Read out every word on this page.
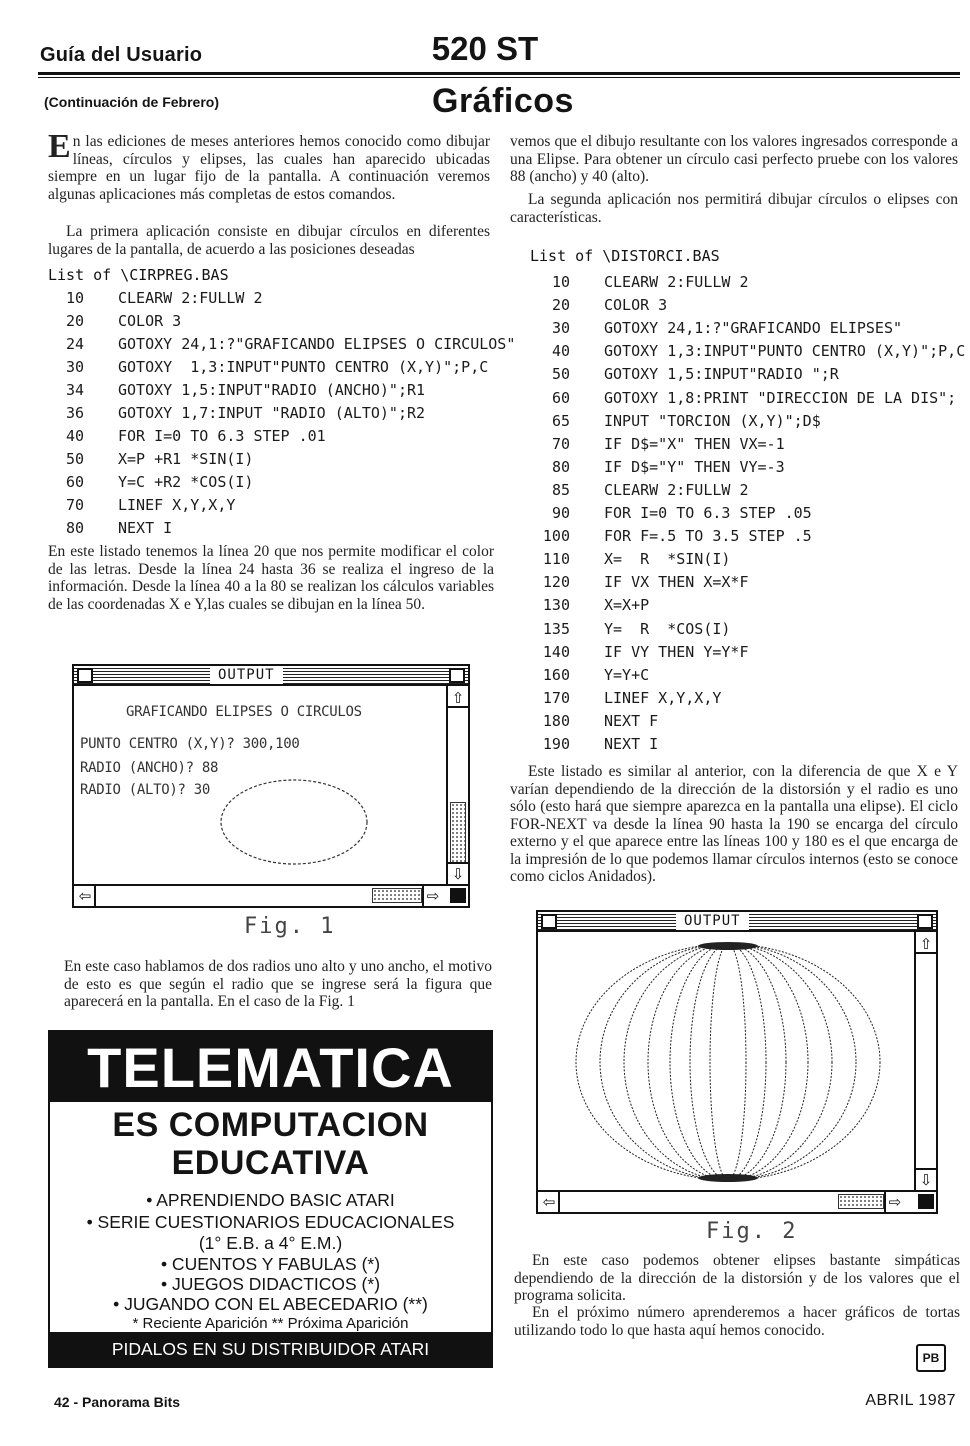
Guía del Usuario	520 ST
(Continuación de Febrero)	Gráficos
En las ediciones de meses anteriores hemos conocido como dibujar líneas, círculos y elipses, las cuales han aparecido ubicadas siempre en un lugar fijo de la pantalla. A continuación veremos algunas aplicaciones más completas de estos comandos.
La primera aplicación consiste en dibujar círculos en diferentes lugares de la pantalla, de acuerdo a las posiciones deseadas
List of \CIRPREG.BAS
10 CLEARW 2:FULLW 2
20 COLOR 3
24 GOTOXY 24,1:?"GRAFICANDO ELIPSES O CIRCULOS"
30 GOTOXY  1,3:INPUT"PUNTO CENTRO (X,Y)";P,C
34 GOTOXY 1,5:INPUT"RADIO (ANCHO)";R1
36 GOTOXY 1,7:INPUT "RADIO (ALTO)";R2
40 FOR I=0 TO 6.3 STEP .01
50 X=P +R1 *SIN(I)
60 Y=C +R2 *COS(I)
70 LINEF X,Y,X,Y
80 NEXT I
En este listado tenemos la línea 20 que nos permite modificar el color de las letras. Desde la línea 24 hasta 36 se realiza el ingreso de la información. Desde la línea 40 a la 80 se realizan los cálculos variables de las coordenadas X e Y,las cuales se dibujan en la línea 50.
OUTPUT
GRAFICANDO ELIPSES O CIRCULOS
PUNTO CENTRO (X,Y)? 300,100
RADIO (ANCHO)? 88
RADIO (ALTO)? 30
⇧
⇩
⇦	⇨
Fig. 1
En este caso hablamos de dos radios uno alto y uno ancho, el motivo de esto es que según el radio que se ingrese será la figura que aparecerá en la pantalla. En el caso de la Fig. 1
TELEMATICA
ES COMPUTACION
EDUCATIVA
• APRENDIENDO BASIC ATARI
• SERIE CUESTIONARIOS EDUCACIONALES
(1° E.B. a 4° E.M.)
• CUENTOS Y FABULAS (*)
• JUEGOS DIDACTICOS (*)
• JUGANDO CON EL ABECEDARIO (**)
* Reciente Aparición ** Próxima Aparición
PIDALOS EN SU DISTRIBUIDOR ATARI
vemos que el dibujo resultante con los valores ingresados corresponde a una Elipse. Para obtener un círculo casi perfecto pruebe con los valores 88 (ancho) y 40 (alto).
La segunda aplicación nos permitirá dibujar círculos o elipses con características.
List of \DISTORCI.BAS
10 CLEARW 2:FULLW 2
20 COLOR 3
30 GOTOXY 24,1:?"GRAFICANDO ELIPSES"
40 GOTOXY 1,3:INPUT"PUNTO CENTRO (X,Y)";P,C
50 GOTOXY 1,5:INPUT"RADIO ";R
60 GOTOXY 1,8:PRINT "DIRECCION DE LA DIS";
65 INPUT "TORCION (X,Y)";D$
70 IF D$="X" THEN VX=-1
80 IF D$="Y" THEN VY=-3
85 CLEARW 2:FULLW 2
90 FOR I=0 TO 6.3 STEP .05
100 FOR F=.5 TO 3.5 STEP .5
110 X=  R  *SIN(I)
120 IF VX THEN X=X*F
130 X=X+P
135 Y=  R  *COS(I)
140 IF VY THEN Y=Y*F
160 Y=Y+C
170 LINEF X,Y,X,Y
180 NEXT F
190 NEXT I
Este listado es similar al anterior, con la diferencia de que X e Y varían dependiendo de la dirección de la distorsión y el radio es uno sólo (esto hará que siempre aparezca en la pantalla una elipse). El ciclo FOR-NEXT va desde la línea 90 hasta la 190 se encarga del círculo externo y el que aparece entre las líneas 100 y 180 es el que encarga de la impresión de lo que podemos llamar círculos internos (esto se conoce como ciclos Anidados).
OUTPUT
⇧
⇩
⇦	⇨
Fig. 2
En este caso podemos obtener elipses bastante simpáticas dependiendo de la dirección de la distorsión y de los valores que el programa solicita.
En el próximo número aprenderemos a hacer gráficos de tortas utilizando todo lo que hasta aquí hemos conocido.
PB
42 - Panorama Bits	ABRIL 1987
